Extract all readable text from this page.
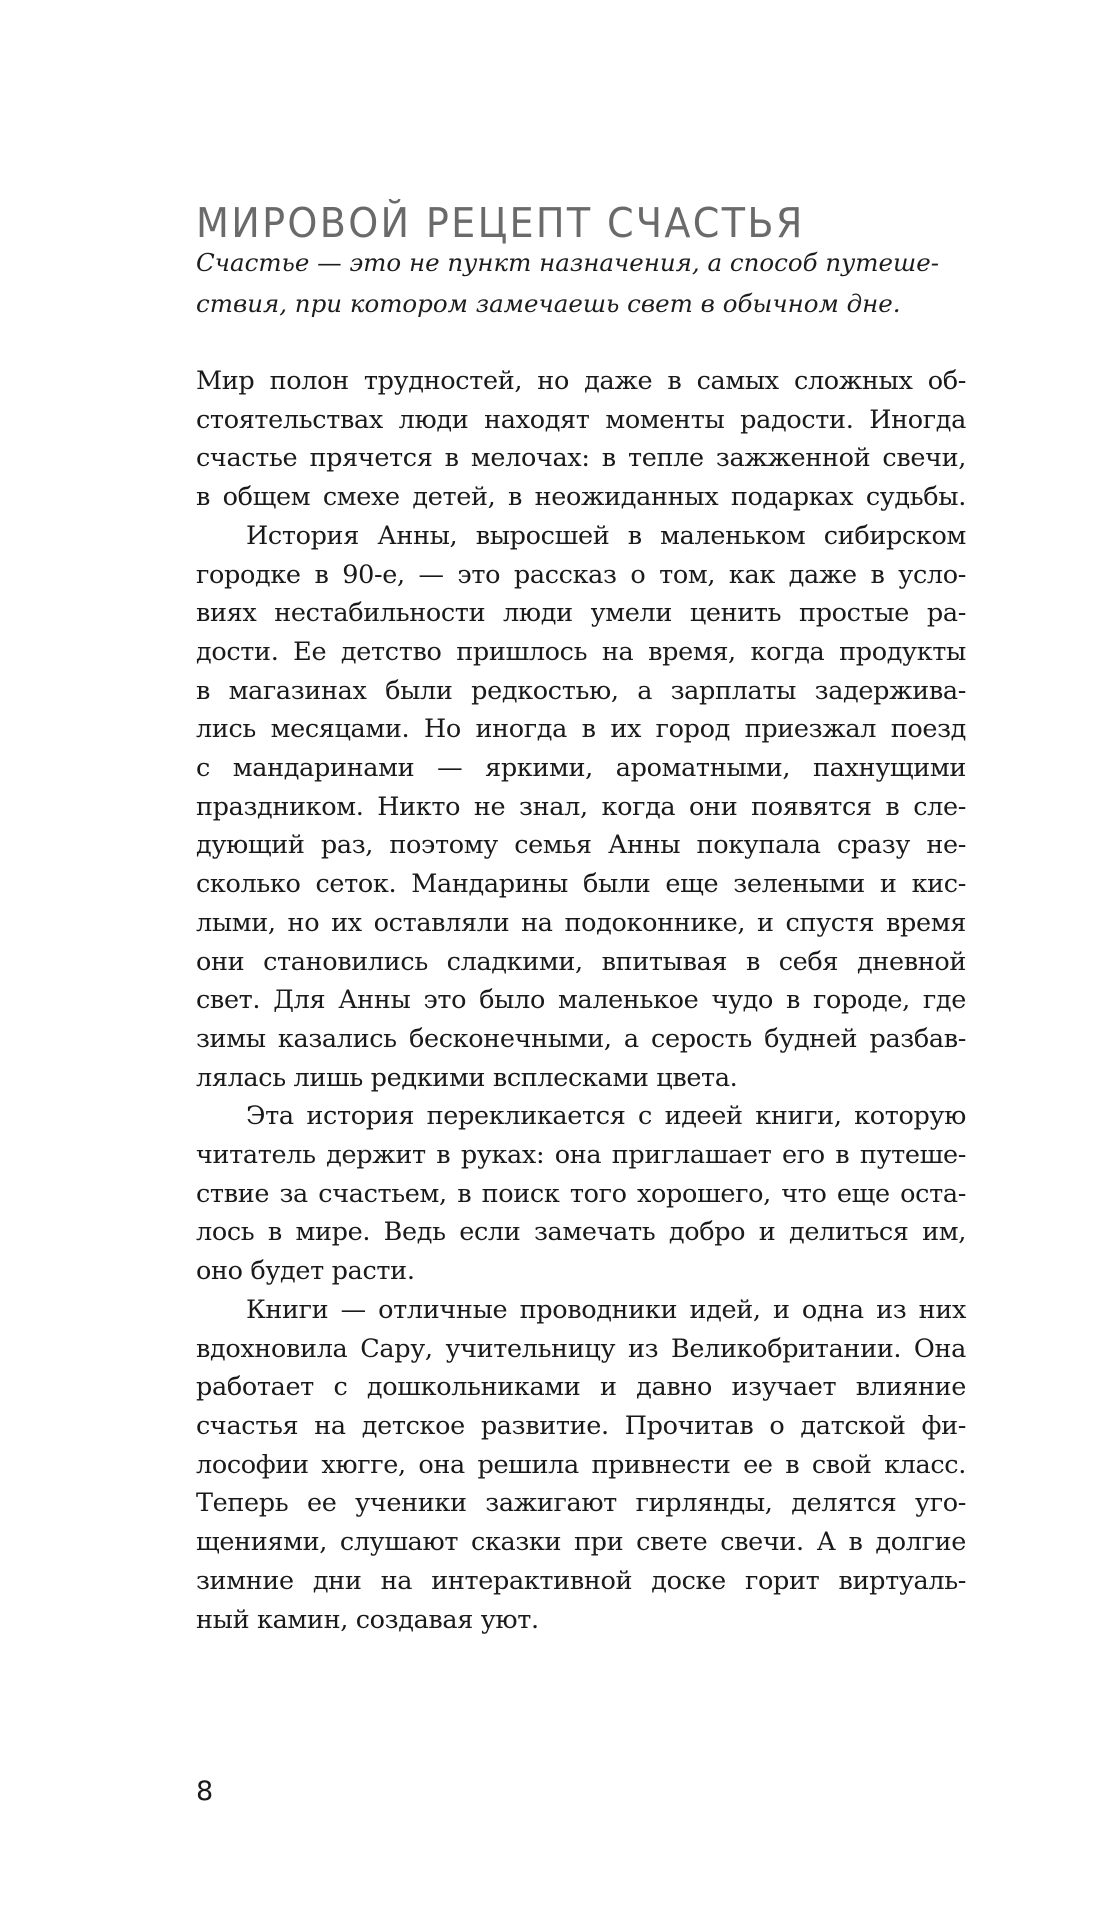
МИРОВОЙ РЕЦЕПТ СЧАСТЬЯ
Счастье — это не пункт назначения, а способ путеше-
ствия, при котором замечаешь свет в обычном дне.
Мир полон трудностей, но даже в самых сложных об-
стоятельствах люди находят моменты радости. Иногда
счастье прячется в мелочах: в тепле зажженной свечи,
в общем смехе детей, в неожиданных подарках судьбы.
История Анны, выросшей в маленьком сибирском
городке в 90-е, — это рассказ о том, как даже в усло-
виях нестабильности люди умели ценить простые ра-
дости. Ее детство пришлось на время, когда продукты
в магазинах были редкостью, а зарплаты задержива-
лись месяцами. Но иногда в их город приезжал поезд
с мандаринами — яркими, ароматными, пахнущими
праздником. Никто не знал, когда они появятся в сле-
дующий раз, поэтому семья Анны покупала сразу не-
сколько сеток. Мандарины были еще зелеными и кис-
лыми, но их оставляли на подоконнике, и спустя время
они становились сладкими, впитывая в себя дневной
свет. Для Анны это было маленькое чудо в городе, где
зимы казались бесконечными, а серость будней разбав-
лялась лишь редкими всплесками цвета.
Эта история перекликается с идеей книги, которую
читатель держит в руках: она приглашает его в путеше-
ствие за счастьем, в поиск того хорошего, что еще оста-
лось в мире. Ведь если замечать добро и делиться им,
оно будет расти.
Книги — отличные проводники идей, и одна из них
вдохновила Сару, учительницу из Великобритании. Она
работает с дошкольниками и давно изучает влияние
счастья на детское развитие. Прочитав о датской фи-
лософии хюгге, она решила привнести ее в свой класс.
Теперь ее ученики зажигают гирлянды, делятся уго-
щениями, слушают сказки при свете свечи. А в долгие
зимние дни на интерактивной доске горит виртуаль-
ный камин, создавая уют.
8
